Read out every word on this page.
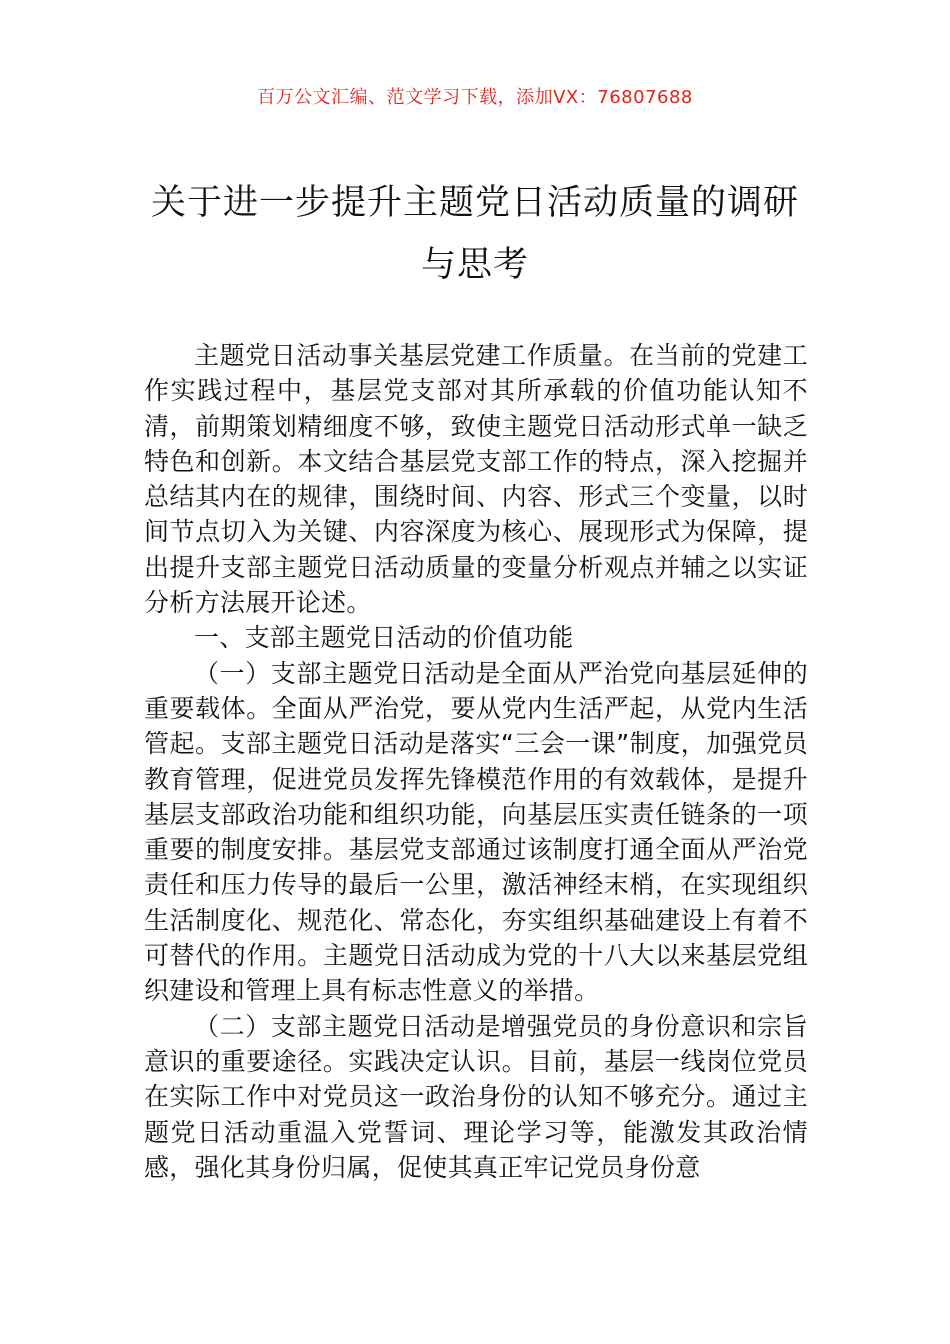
百万公文汇编、范文学习下载，添加VX：76807688
关于进一步提升主题党日活动质量的调研与思考

主题党日活动事关基层党建工作质量。在当前的党建工作实践过程中，基层党支部对其所承载的价值功能认知不清，前期策划精细度不够，致使主题党日活动形式单一缺乏特色和创新。本文结合基层党支部工作的特点，深入挖掘并总结其内在的规律，围绕时间、内容、形式三个变量，以时间节点切入为关键、内容深度为核心、展现形式为保障，提出提升支部主题党日活动质量的变量分析观点并辅之以实证分析方法展开论述。

一、支部主题党日活动的价值功能

（一）支部主题党日活动是全面从严治党向基层延伸的重要载体。全面从严治党，要从党内生活严起，从党内生活管起。支部主题党日活动是落实“三会一课”制度，加强党员教育管理，促进党员发挥先锋模范作用的有效载体，是提升基层支部政治功能和组织功能，向基层压实责任链条的一项重要的制度安排。基层党支部通过该制度打通全面从严治党责任和压力传导的最后一公里，激活神经末梢，在实现组织生活制度化、规范化、常态化，夯实组织基础建设上有着不可替代的作用。主题党日活动成为党的十八大以来基层党组织建设和管理上具有标志性意义的举措。

（二）支部主题党日活动是增强党员的身份意识和宗旨意识的重要途径。实践决定认识。目前，基层一线岗位党员在实际工作中对党员这一政治身份的认知不够充分。通过主题党日活动重温入党誓词、理论学习等，能激发其政治情感，强化其身份归属，促使其真正牢记党员身份意
